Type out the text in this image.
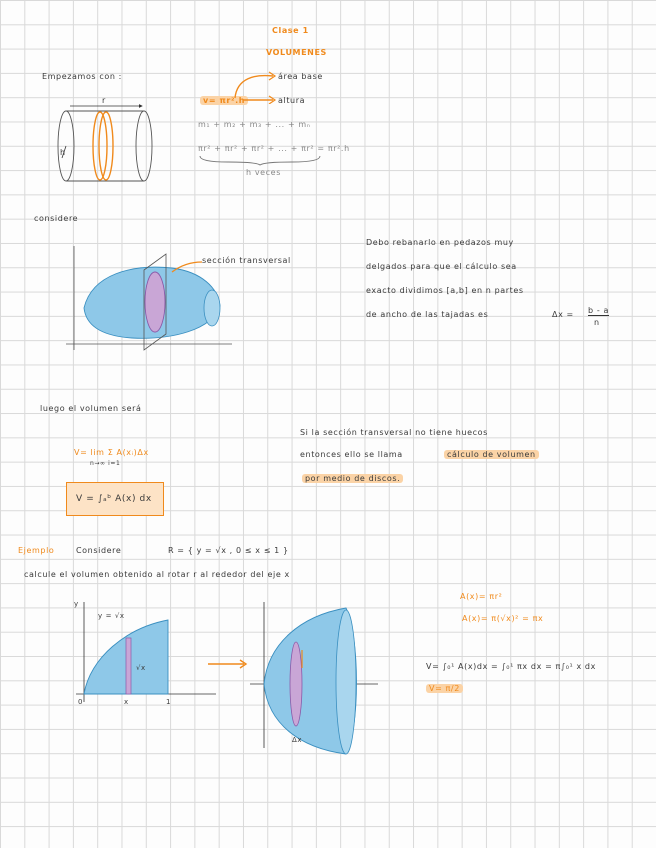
Clase 1
VOLUMENES
Empezamos con :
r
h
v= πr².h
área base
altura
m₁ + m₂ + m₃ + ... + mₙ
πr² + πr² + πr² + ... + πr² = πr².h
h veces
considere
sección transversal
Debo rebanarlo en pedazos muy
delgados para que el cálculo sea
exacto dividimos [a,b] en n partes
de ancho de las tajadas es	Δx = b - a
n
luego el volumen será
V= lim Σ A(xᵢ)Δx
n→∞ i=1
V = ∫ₐᵇ A(x) dx
Si la sección transversal no tiene huecos
entonces ello se llama	cálculo de volumen
por medio de discos.
Ejemplo	Considere	R = { y = √x , 0 ≤ x ≤ 1 }
calcule el volumen obtenido al rotar r al rededor del eje x
y
y = √x
√x
0	x	1
Δx
A(x)= πr²
A(x)= π(√x)² = πx
V= ∫₀¹ A(x)dx = ∫₀¹ πx dx = π∫₀¹ x dx
V= π/2
